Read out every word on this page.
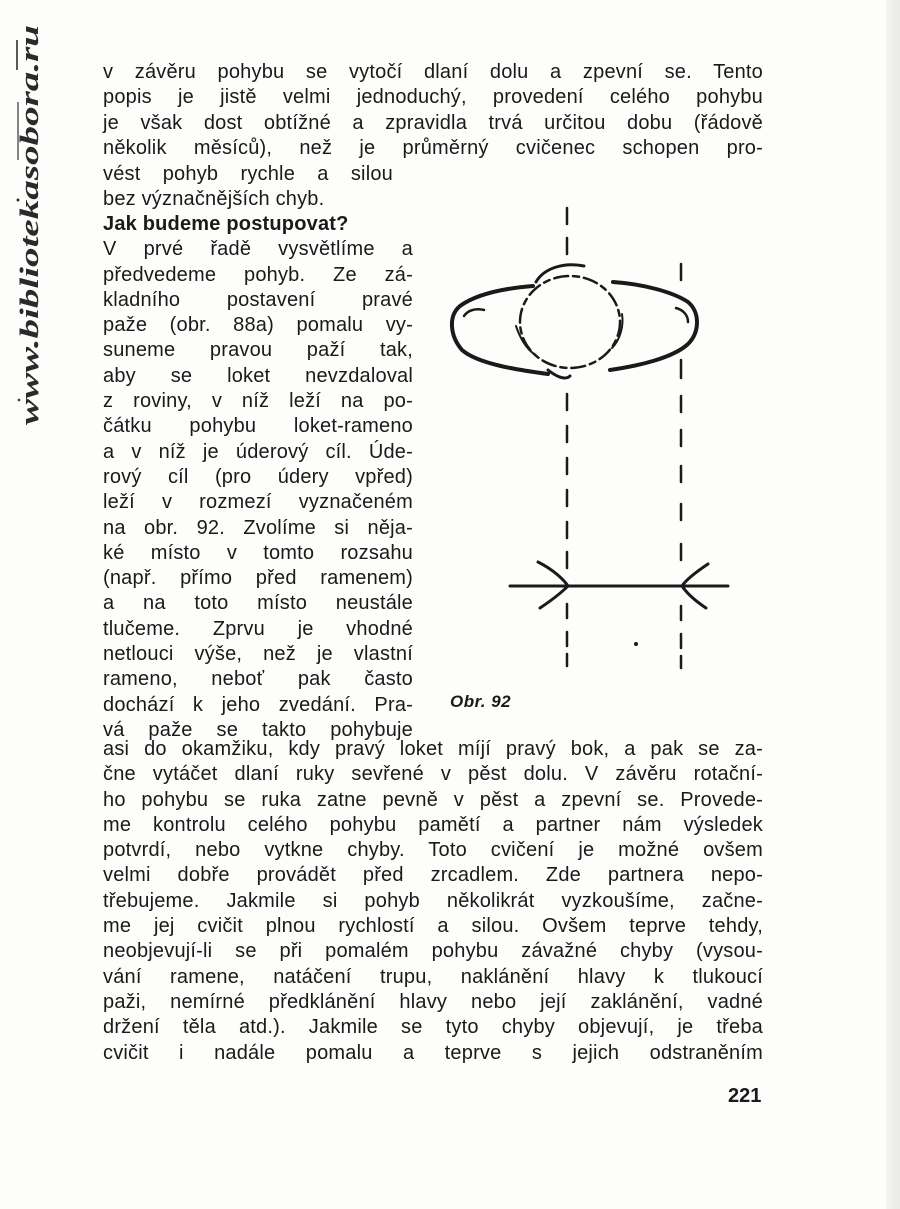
www.bibliotekasobora.ru
v závěru pohybu se vytočí dlaní dolu a zpevní se. Tento
popis je jistě velmi jednoduchý, provedení celého pohybu
je však dost obtížné a zpravidla trvá určitou dobu (řádově
několik měsíců), než je průměrný cvičenec schopen pro-
vést pohyb rychle a silou
bez význačnějších chyb.
Jak budeme postupovat?
V prvé řadě vysvětlíme a
předvedeme pohyb. Ze zá-
kladního postavení pravé
paže (obr. 88a) pomalu vy-
suneme pravou paží tak,
aby se loket nevzdaloval
z roviny, v níž leží na po-
čátku pohybu loket-rameno
a v níž je úderový cíl. Úde-
rový cíl (pro údery vpřed)
leží v rozmezí vyznačeném
na obr. 92. Zvolíme si něja-
ké místo v tomto rozsahu
(např. přímo před ramenem)
a na toto místo neustále
tlučeme. Zprvu je vhodné
netlouci výše, než je vlastní
rameno, neboť pak často
dochází k jeho zvedání. Pra-
vá paže se takto pohybuje
Obr. 92
asi do okamžiku, kdy pravý loket míjí pravý bok, a pak se za-
čne vytáčet dlaní ruky sevřené v pěst dolu. V závěru rotační-
ho pohybu se ruka zatne pevně v pěst a zpevní se. Provede-
me kontrolu celého pohybu pamětí a partner nám výsledek
potvrdí, nebo vytkne chyby. Toto cvičení je možné ovšem
velmi dobře provádět před zrcadlem. Zde partnera nepo-
třebujeme. Jakmile si pohyb několikrát vyzkoušíme, začne-
me jej cvičit plnou rychlostí a silou. Ovšem teprve tehdy,
neobjevují-li se při pomalém pohybu závažné chyby (vysou-
vání ramene, natáčení trupu, naklánění hlavy k tlukoucí
paži, nemírné předklánění hlavy nebo její zaklánění, vadné
držení těla atd.). Jakmile se tyto chyby objevují, je třeba
cvičit i nadále pomalu a teprve s jejich odstraněním
221
